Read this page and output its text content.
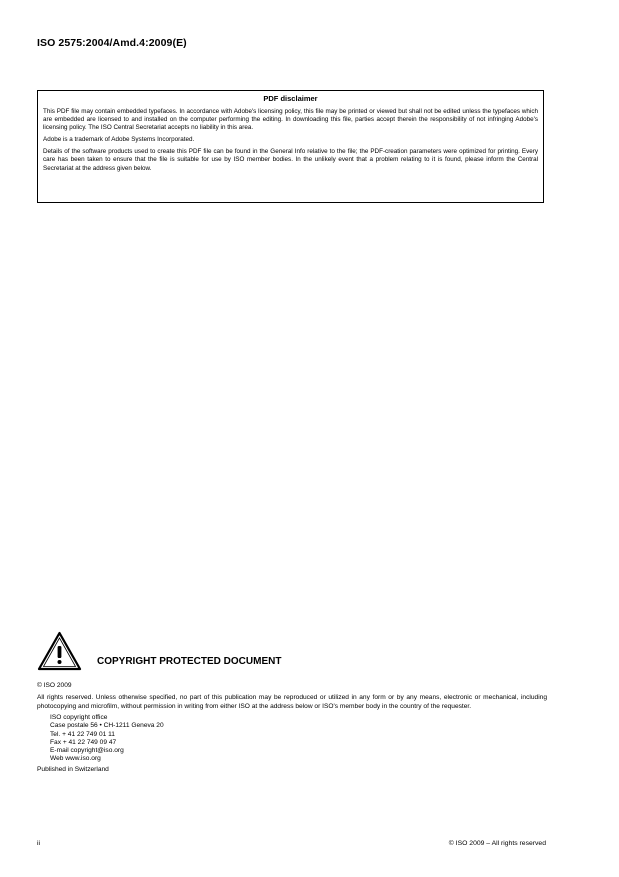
ISO 2575:2004/Amd.4:2009(E)
PDF disclaimer

This PDF file may contain embedded typefaces. In accordance with Adobe's licensing policy, this file may be printed or viewed but shall not be edited unless the typefaces which are embedded are licensed to and installed on the computer performing the editing. In downloading this file, parties accept therein the responsibility of not infringing Adobe's licensing policy. The ISO Central Secretariat accepts no liability in this area.

Adobe is a trademark of Adobe Systems Incorporated.

Details of the software products used to create this PDF file can be found in the General Info relative to the file; the PDF-creation parameters were optimized for printing. Every care has been taken to ensure that the file is suitable for use by ISO member bodies. In the unlikely event that a problem relating to it is found, please inform the Central Secretariat at the address given below.

COPYRIGHT PROTECTED DOCUMENT

© ISO 2009

All rights reserved. Unless otherwise specified, no part of this publication may be reproduced or utilized in any form or by any means, electronic or mechanical, including photocopying and microfilm, without permission in writing from either ISO at the address below or ISO's member body in the country of the requester.

ISO copyright office
Case postale 56 • CH-1211 Geneva 20
Tel. + 41 22 749 01 11
Fax + 41 22 749 09 47
E-mail copyright@iso.org
Web www.iso.org

Published in Switzerland

ii	© ISO 2009 – All rights reserved
